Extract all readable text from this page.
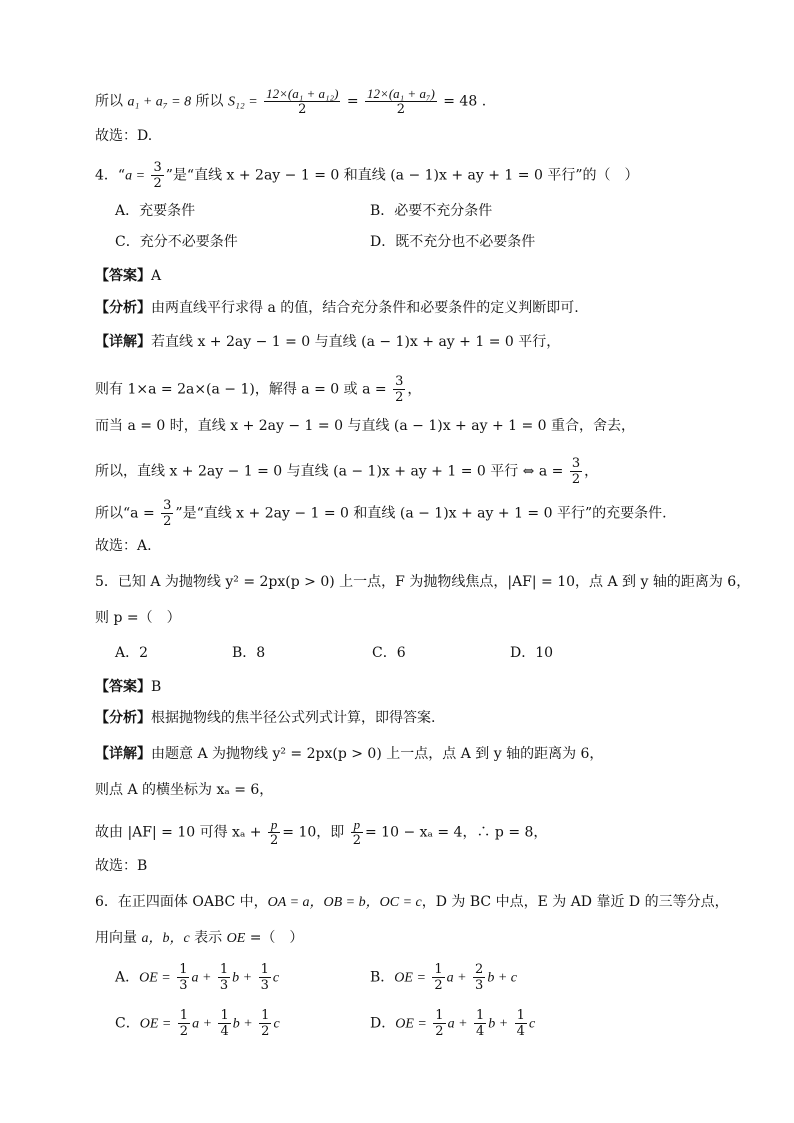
所以 a₁ + a₇ = 8 所以 $S_{12} = \frac{\text{12×(a₁ + a₁₂)}}{2} = \frac{\text{12×(a₁ + a₇)}}{2} = 48$ .
故选：D.
4．“$a = \frac{3}{2}$ ”是“直线 x + 2ay − 1 = 0 和直线 (a − 1)x + ay + 1 = 0 平行”的（　）
A．充要条件	B．必要不充分条件
C．充分不必要条件	D．既不充分也不必要条件
【答案】A
【分析】由两直线平行求得 a 的值，结合充分条件和必要条件的定义判断即可.
【详解】若直线 x + 2ay − 1 = 0 与直线 (a − 1)x + ay + 1 = 0 平行，
则有 1×a = 2a×(a − 1)，解得 a = 0 或 $a = \frac{3}{2}$ ，
而当 a = 0 时，直线 x + 2ay − 1 = 0 与直线 (a − 1)x + ay + 1 = 0 重合，舍去，
所以，直线 x + 2ay − 1 = 0 与直线 (a − 1)x + ay + 1 = 0 平行 ⇔ $a = \frac{3}{2}$ ，
所以“$a = \frac{3}{2}$ ”是“直线 x + 2ay − 1 = 0 和直线 (a − 1)x + ay + 1 = 0 平行”的充要条件.
故选：A.
5．已知 A 为抛物线 y² = 2px(p > 0) 上一点，F 为抛物线焦点，|AF| = 10，点 A 到 y 轴的距离为 6，
则 p =（　）
A．2	B．8	C．6	D．10
【答案】B
【分析】根据抛物线的焦半径公式列式计算，即得答案.
【详解】由题意 A 为抛物线 y² = 2px(p > 0) 上一点，点 A 到 y 轴的距离为 6，
则点 A 的横坐标为 xₐ = 6，
故由 |AF| = 10 可得 $x_a + \frac{p}{2} = 10$，即 $\frac{p}{2} = 10 - x_a = 4$，∴ p = 8，
故选：B
6．在正四面体 OABC 中，OA = a，OB = b，OC = c，D 为 BC 中点，E 为 AD 靠近 D 的三等分点，
用向量 a，b，c 表示 OE =（　）
A．OE = $\frac{1}{3}$ $a + \frac{1}{3}$ $b + \frac{1}{3}$ c	B．OE = $\frac{1}{2}$ $a + \frac{2}{3}$ b + c
C．OE = $\frac{1}{2}$ $a + \frac{1}{4}$ $b + \frac{1}{2}$ c	D．OE = $\frac{1}{2}$ $a + \frac{1}{4}$ $b + \frac{1}{4}$ c
